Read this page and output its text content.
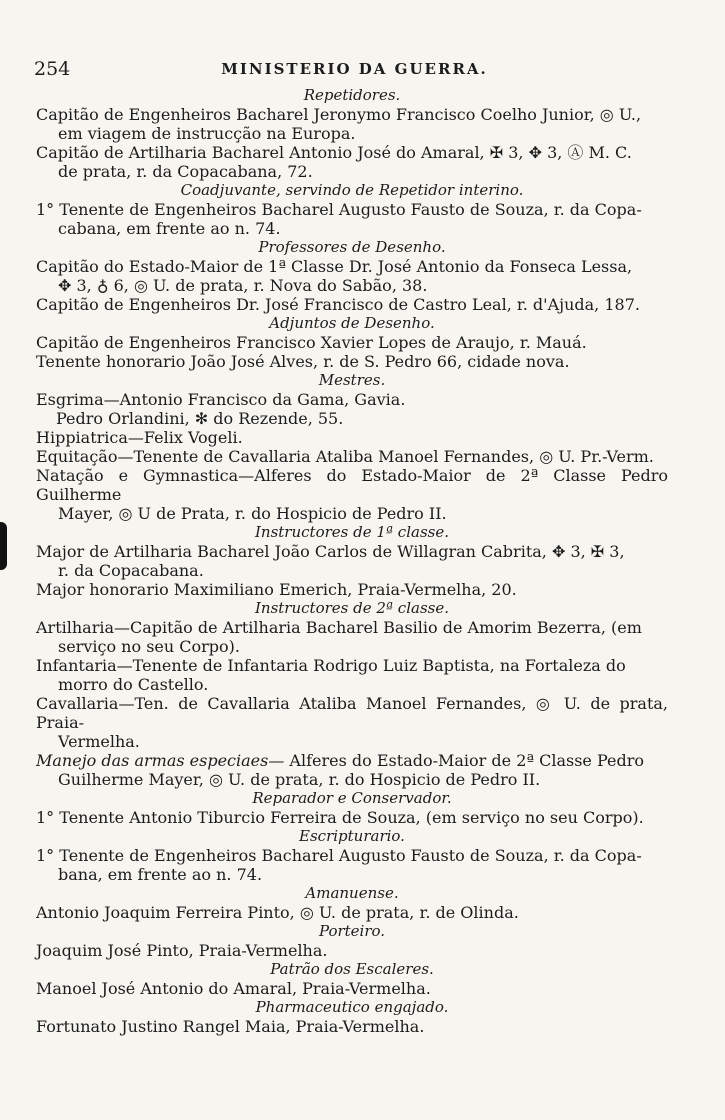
254	MINISTERIO DA GUERRA.
Repetidores.
Capitão de Engenheiros Bacharel Jeronymo Francisco Coelho Junior, ◎ U.,
em viagem de instrucção na Europa.
Capitão de Artilharia Bacharel Antonio José do Amaral, ✠ 3, ✥ 3, Ⓐ M. C.
de prata, r. da Copacabana, 72.
Coadjuvante, servindo de Repetidor interino.
1° Tenente de Engenheiros Bacharel Augusto Fausto de Souza, r. da Copa-
cabana, em frente ao n. 74.
Professores de Desenho.
Capitão do Estado-Maior de 1ª Classe Dr. José Antonio da Fonseca Lessa,
✥ 3, ♁ 6, ◎ U. de prata, r. Nova do Sabão, 38.
Capitão de Engenheiros Dr. José Francisco de Castro Leal, r. d'Ajuda, 187.
Adjuntos de Desenho.
Capitão de Engenheiros Francisco Xavier Lopes de Araujo, r. Mauá.
Tenente honorario João José Alves, r. de S. Pedro 66, cidade nova.
Mestres.
Esgrima—Antonio Francisco da Gama, Gavia.
Pedro Orlandini, ✻ do Rezende, 55.
Hippiatrica—Felix Vogeli.
Equitação—Tenente de Cavallaria Ataliba Manoel Fernandes, ◎ U. Pr.-Verm.
Natação e Gymnastica—Alferes do Estado-Maior de 2ª Classe Pedro Guilherme
Mayer, ◎ U de Prata, r. do Hospicio de Pedro II.
Instructores de 1ª classe.
Major de Artilharia Bacharel João Carlos de Willagran Cabrita, ✥ 3, ✠ 3,
r. da Copacabana.
Major honorario Maximiliano Emerich, Praia-Vermelha, 20.
Instructores de 2ª classe.
Artilharia—Capitão de Artilharia Bacharel Basilio de Amorim Bezerra, (em
serviço no seu Corpo).
Infantaria—Tenente de Infantaria Rodrigo Luiz Baptista, na Fortaleza do
morro do Castello.
Cavallaria—Ten. de Cavallaria Ataliba Manoel Fernandes, ◎ U. de prata, Praia-
Vermelha.
Manejo das armas especiaes— Alferes do Estado-Maior de 2ª Classe Pedro
Guilherme Mayer, ◎ U. de prata, r. do Hospicio de Pedro II.
Reparador e Conservador.
1° Tenente Antonio Tiburcio Ferreira de Souza, (em serviço no seu Corpo).
Escripturario.
1° Tenente de Engenheiros Bacharel Augusto Fausto de Souza, r. da Copa-
bana, em frente ao n. 74.
Amanuense.
Antonio Joaquim Ferreira Pinto, ◎ U. de prata, r. de Olinda.
Porteiro.
Joaquim José Pinto, Praia-Vermelha.
Patrão dos Escaleres.
Manoel José Antonio do Amaral, Praia-Vermelha.
Pharmaceutico engajado.
Fortunato Justino Rangel Maia, Praia-Vermelha.
